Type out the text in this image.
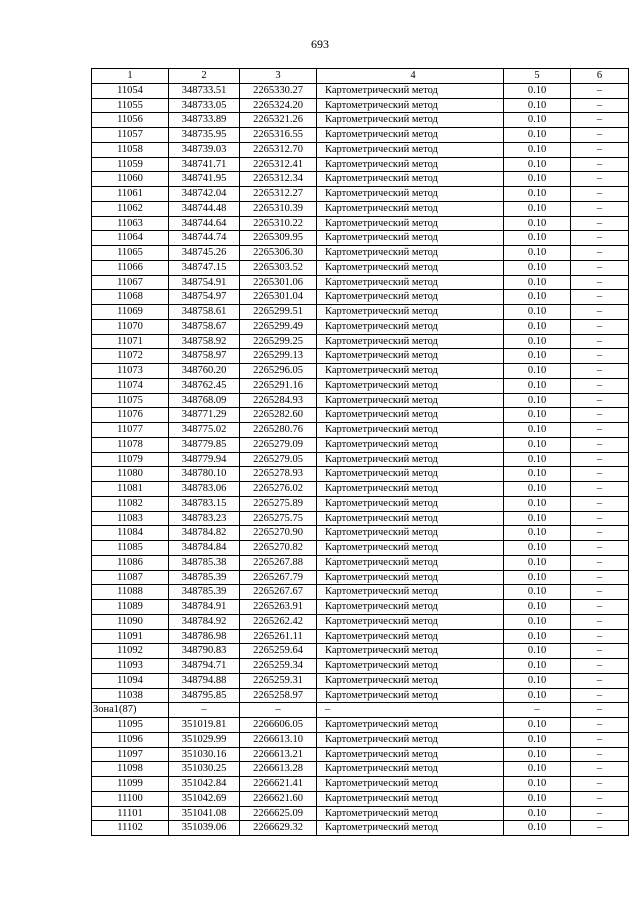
693
1	2	3	4	5	6
11054	348733.51	2265330.27	Картометрический метод	0.10	–
11055	348733.05	2265324.20	Картометрический метод	0.10	–
11056	348733.89	2265321.26	Картометрический метод	0.10	–
11057	348735.95	2265316.55	Картометрический метод	0.10	–
11058	348739.03	2265312.70	Картометрический метод	0.10	–
11059	348741.71	2265312.41	Картометрический метод	0.10	–
11060	348741.95	2265312.34	Картометрический метод	0.10	–
11061	348742.04	2265312.27	Картометрический метод	0.10	–
11062	348744.48	2265310.39	Картометрический метод	0.10	–
11063	348744.64	2265310.22	Картометрический метод	0.10	–
11064	348744.74	2265309.95	Картометрический метод	0.10	–
11065	348745.26	2265306.30	Картометрический метод	0.10	–
11066	348747.15	2265303.52	Картометрический метод	0.10	–
11067	348754.91	2265301.06	Картометрический метод	0.10	–
11068	348754.97	2265301.04	Картометрический метод	0.10	–
11069	348758.61	2265299.51	Картометрический метод	0.10	–
11070	348758.67	2265299.49	Картометрический метод	0.10	–
11071	348758.92	2265299.25	Картометрический метод	0.10	–
11072	348758.97	2265299.13	Картометрический метод	0.10	–
11073	348760.20	2265296.05	Картометрический метод	0.10	–
11074	348762.45	2265291.16	Картометрический метод	0.10	–
11075	348768.09	2265284.93	Картометрический метод	0.10	–
11076	348771.29	2265282.60	Картометрический метод	0.10	–
11077	348775.02	2265280.76	Картометрический метод	0.10	–
11078	348779.85	2265279.09	Картометрический метод	0.10	–
11079	348779.94	2265279.05	Картометрический метод	0.10	–
11080	348780.10	2265278.93	Картометрический метод	0.10	–
11081	348783.06	2265276.02	Картометрический метод	0.10	–
11082	348783.15	2265275.89	Картометрический метод	0.10	–
11083	348783.23	2265275.75	Картометрический метод	0.10	–
11084	348784.82	2265270.90	Картометрический метод	0.10	–
11085	348784.84	2265270.82	Картометрический метод	0.10	–
11086	348785.38	2265267.88	Картометрический метод	0.10	–
11087	348785.39	2265267.79	Картометрический метод	0.10	–
11088	348785.39	2265267.67	Картометрический метод	0.10	–
11089	348784.91	2265263.91	Картометрический метод	0.10	–
11090	348784.92	2265262.42	Картометрический метод	0.10	–
11091	348786.98	2265261.11	Картометрический метод	0.10	–
11092	348790.83	2265259.64	Картометрический метод	0.10	–
11093	348794.71	2265259.34	Картометрический метод	0.10	–
11094	348794.88	2265259.31	Картометрический метод	0.10	–
11038	348795.85	2265258.97	Картометрический метод	0.10	–
Зона1(87)	–	–	–	–	–
11095	351019.81	2266606.05	Картометрический метод	0.10	–
11096	351029.99	2266613.10	Картометрический метод	0.10	–
11097	351030.16	2266613.21	Картометрический метод	0.10	–
11098	351030.25	2266613.28	Картометрический метод	0.10	–
11099	351042.84	2266621.41	Картометрический метод	0.10	–
11100	351042.69	2266621.60	Картометрический метод	0.10	–
11101	351041.08	2266625.09	Картометрический метод	0.10	–
11102	351039.06	2266629.32	Картометрический метод	0.10	–
